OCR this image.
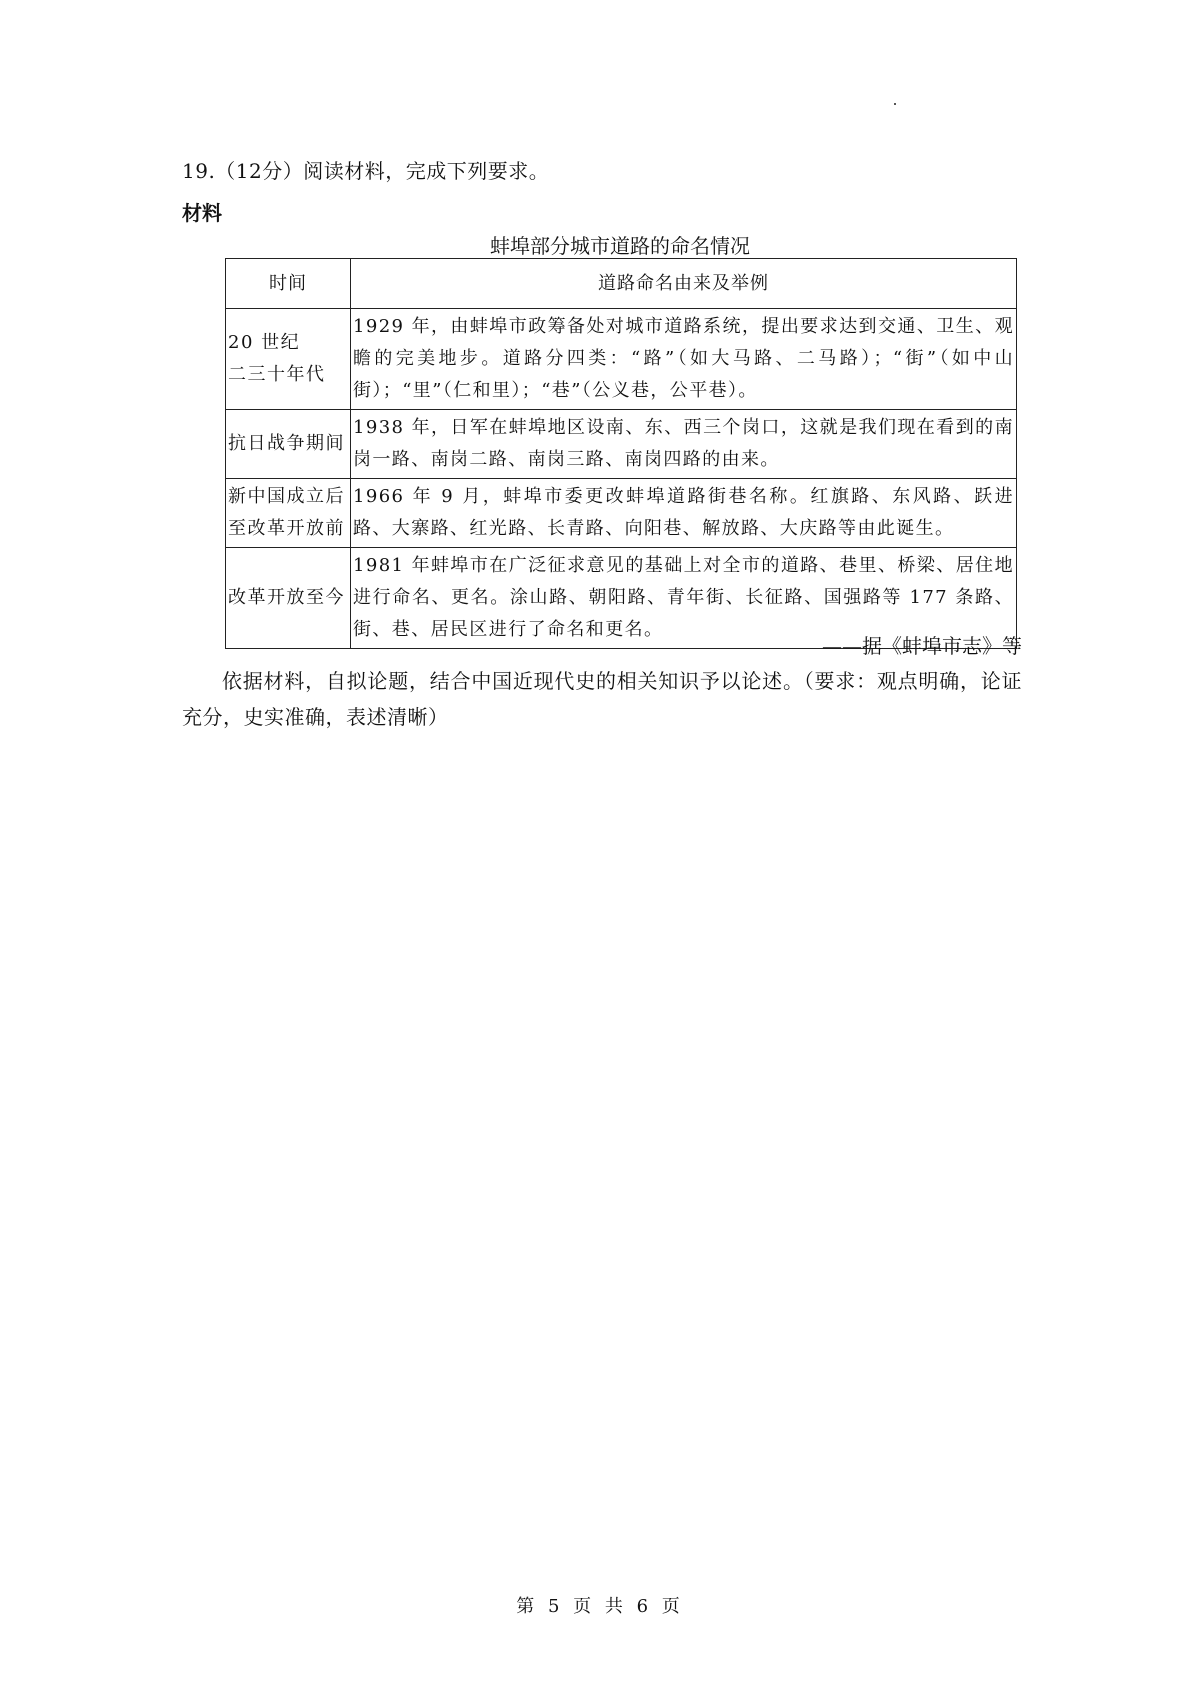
19.（12分）阅读材料，完成下列要求。
材料
蚌埠部分城市道路的命名情况
时间	道路命名由来及举例

20 世纪
二三十年代	1929 年，由蚌埠市政筹备处对城市道路系统，提出要求达到交通、卫生、观瞻的完美地步。道路分四类：“路”（如大马路、二马路）；“街”（如中山街）；“里”（仁和里）；“巷”（公义巷，公平巷）。

抗日战争期间	1938 年，日军在蚌埠地区设南、东、西三个岗口，这就是我们现在看到的南岗一路、南岗二路、南岗三路、南岗四路的由来。

新中国成立后
至改革开放前	1966 年 9 月，蚌埠市委更改蚌埠道路街巷名称。红旗路、东风路、跃进路、大寨路、红光路、长青路、向阳巷、解放路、大庆路等由此诞生。

改革开放至今	1981 年蚌埠市在广泛征求意见的基础上对全市的道路、巷里、桥梁、居住地进行命名、更名。涂山路、朝阳路、青年街、长征路、国强路等 177 条路、街、巷、居民区进行了命名和更名。
——据《蚌埠市志》等
依据材料，自拟论题，结合中国近现代史的相关知识予以论述。（要求：观点明确，论证充分，史实准确，表述清晰）
第 5 页 共 6 页
